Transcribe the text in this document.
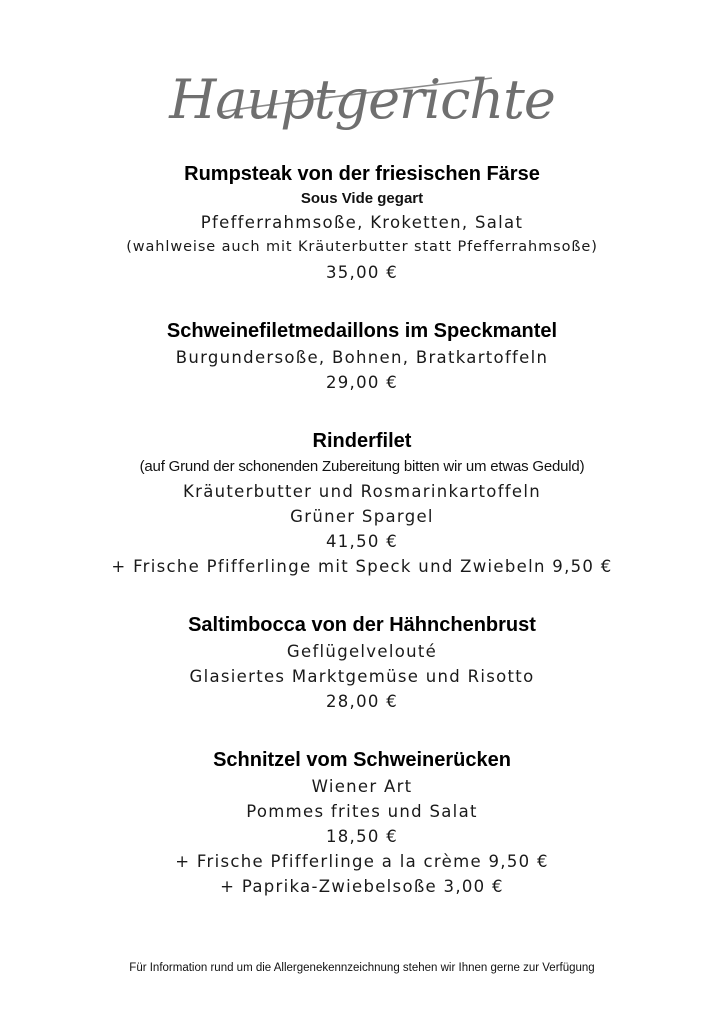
Hauptgerichte

Rumpsteak von der friesischen Färse

Sous Vide gegart

Pfefferrahmsoße, Kroketten, Salat

(wahlweise auch mit Kräuterbutter statt Pfefferrahmsoße)

35,00 €

Schweinefiletmedaillons im Speckmantel

Burgundersoße, Bohnen, Bratkartoffeln

29,00 €

Rinderfilet

(auf Grund der schonenden Zubereitung bitten wir um etwas Geduld)

Kräuterbutter und Rosmarinkartoffeln

Grüner Spargel

41,50 €

+ Frische Pfifferlinge mit Speck und Zwiebeln 9,50 €

Saltimbocca von der Hähnchenbrust

Geflügelvelouté

Glasiertes Marktgemüse und Risotto

28,00 €

Schnitzel vom Schweinerücken

Wiener Art

Pommes frites und Salat

18,50 €

+ Frische Pfifferlinge a la crème 9,50 €

+ Paprika-Zwiebelsoße 3,00 €

Für Information rund um die Allergenekennzeichnung stehen wir Ihnen gerne zur Verfügung
